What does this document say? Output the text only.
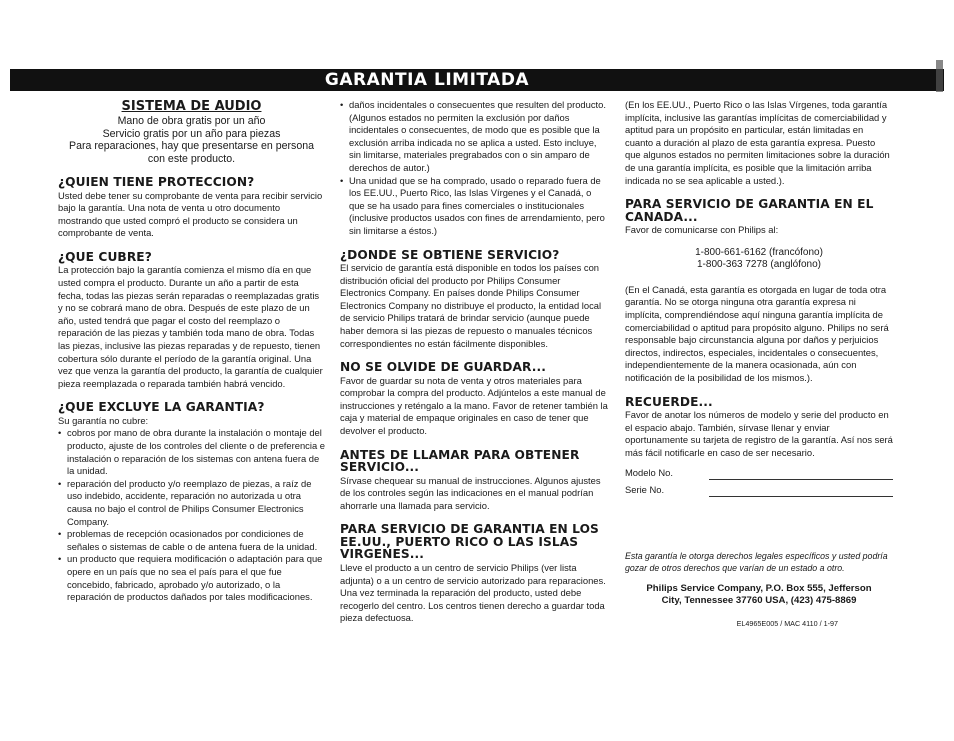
GARANTIA LIMITADA
SISTEMA DE AUDIO
Mano de obra gratis por un año
Servicio gratis por un año para piezas
Para reparaciones, hay que presentarse en persona
con este producto.
¿QUIEN TIENE PROTECCION?

Usted debe tener su comprobante de venta para recibir servicio bajo la garantía. Una nota de venta u otro documento mostrando que usted compró el producto se considera un comprobante de venta.

¿QUE CUBRE?

La protección bajo la garantía comienza el mismo día en que usted compra el producto. Durante un año a partir de esta fecha, todas las piezas serán reparadas o reemplazadas gratis y no se cobrará mano de obra. Después de este plazo de un año, usted tendrá que pagar el costo del reemplazo o reparación de las piezas y también toda mano de obra. Todas las piezas, inclusive las piezas reparadas y de repuesto, tienen cobertura sólo durante el período de la garantía original. Una vez que venza la garantía del producto, la garantía de cualquier pieza reemplazada o reparada también habrá vencido.

¿QUE EXCLUYE LA GARANTIA?

Su garantía no cubre:

• cobros por mano de obra durante la instalación o montaje del producto, ajuste de los controles del cliente o de preferencia e instalación o reparación de los sistemas con antena fuera de la unidad.
• reparación del producto y/o reemplazo de piezas, a raíz de uso indebido, accidente, reparación no autorizada u otra causa no bajo el control de Philips Consumer Electronics Company.
• problemas de recepción ocasionados por condiciones de señales o sistemas de cable o de antena fuera de la unidad.
• un producto que requiera modificación o adaptación para que opere en un país que no sea el país para el que fue concebido, fabricado, aprobado y/o autorizado, o la reparación de productos dañados por tales modificaciones.
• daños incidentales o consecuentes que resulten del producto. (Algunos estados no permiten la exclusión por daños incidentales o consecuentes, de modo que es posible que la exclusión arriba indicada no se aplica a usted. Esto incluye, sin limitarse, materiales pregrabados con o sin amparo de derechos de autor.)
• Una unidad que se ha comprado, usado o reparado fuera de los EE.UU., Puerto Rico, las Islas Vírgenes y el Canadá, o que se ha usado para fines comerciales o institucionales (inclusive productos usados con fines de arrendamiento, pero sin limitarse a éstos.)
¿DONDE SE OBTIENE SERVICIO?

El servicio de garantía está disponible en todos los países con distribución oficial del producto por Philips Consumer Electronics Company. En países donde Philips Consumer Electronics Company no distribuye el producto, la entidad local de servicio Philips tratará de brindar servicio (aunque puede haber demora si las piezas de repuesto o manuales técnicos correspondientes no están fácilmente disponibles.

NO SE OLVIDE DE GUARDAR...

Favor de guardar su nota de venta y otros materiales para comprobar la compra del producto. Adjúntelos a este manual de instrucciones y reténgalo a la mano. Favor de retener también la caja y material de empaque originales en caso de tener que devolver el producto.

ANTES DE LLAMAR PARA OBTENER SERVICIO...

Sírvase chequear su manual de instrucciones. Algunos ajustes de los controles según las indicaciones en el manual podrían ahorrarle una llamada para servicio.

PARA SERVICIO DE GARANTIA EN LOS EE.UU., PUERTO RICO O LAS ISLAS VIRGENES...

Lleve el producto a un centro de servicio Philips (ver lista adjunta) o a un centro de servicio autorizado para reparaciones. Una vez terminada la reparación del producto, usted debe recogerlo del centro. Los centros tienen derecho a guardar toda pieza defectuosa.

(En los EE.UU., Puerto Rico o las Islas Vírgenes, toda garantía implícita, inclusive las garantías implícitas de comerciabilidad y aptitud para un propósito en particular, están limitadas en cuanto a duración al plazo de esta garantía expresa. Puesto que algunos estados no permiten limitaciones sobre la duración de una garantía implícita, es posible que la limitación arriba indicada no se sea aplicable a usted.).

PARA SERVICIO DE GARANTIA EN EL CANADA...

Favor de comunicarse con Philips al:

1-800-661-6162 (francófono)
1-800-363 7278 (anglófono)

(En el Canadá, esta garantía es otorgada en lugar de toda otra garantía. No se otorga ninguna otra garantía expresa ni implícita, comprendiéndose aquí ninguna garantía implícita de comerciabilidad o aptitud para propósito alguno. Philips no será responsable bajo circunstancia alguna por daños y perjuicios directos, indirectos, especiales, incidentales o consecuentes, independientemente de la manera ocasionada, aún con notificación de la posibilidad de los mismos.).

RECUERDE...

Favor de anotar los números de modelo y serie del producto en el espacio abajo. También, sírvase llenar y enviar oportunamente su tarjeta de registro de la garantía. Así nos será más fácil notificarle en caso de ser necesario.

Modelo No.
Serie No.

Esta garantía le otorga derechos legales específicos y usted podría gozar de otros derechos que varían de un estado a otro.

Philips Service Company, P.O. Box 555, Jefferson
City, Tennessee 37760 USA, (423) 475-8869
EL4965E005 / MAC 4110 / 1-97
